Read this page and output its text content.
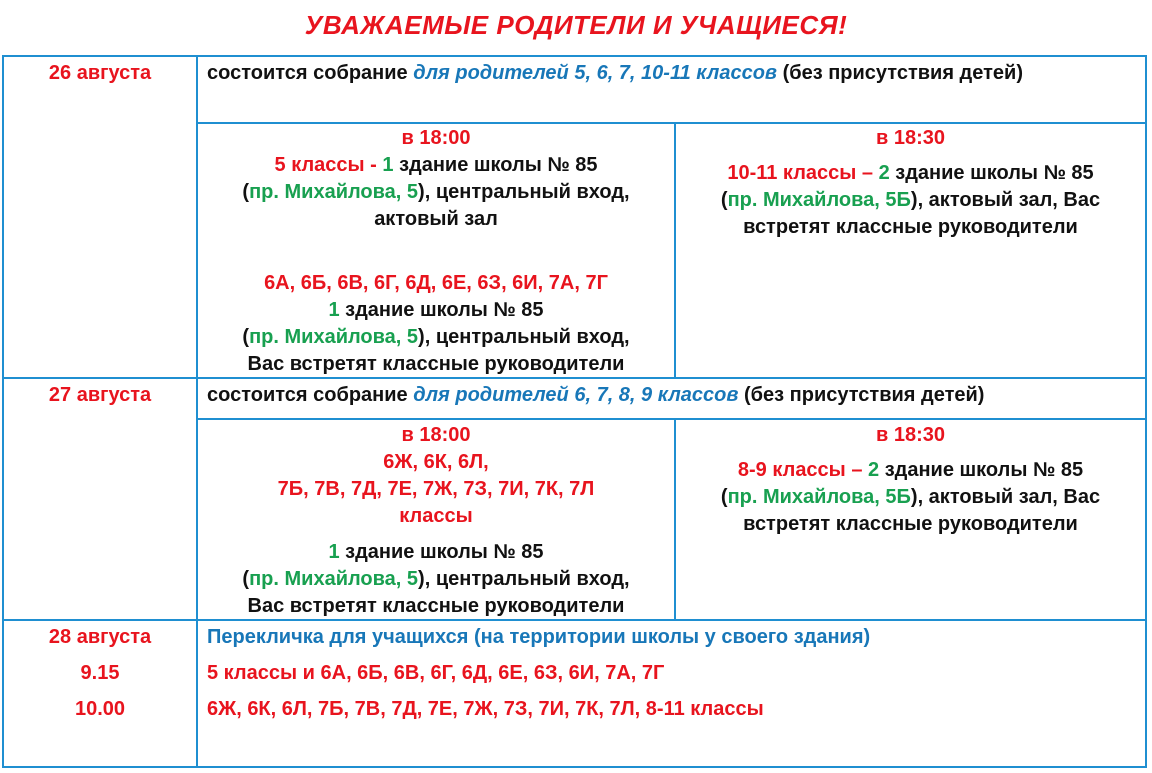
УВАЖАЕМЫЕ РОДИТЕЛИ И УЧАЩИЕСЯ!
26 августа	состоится собрание для родителей 5, 6, 7, 10-11 классов (без присутствия детей)

в 18:00

5 классы - 1 здание школы № 85

(пр. Михайлова, 5), центральный вход,

актовый зал

6А, 6Б, 6В, 6Г, 6Д, 6Е, 6З, 6И, 7А, 7Г

1 здание школы № 85

(пр. Михайлова, 5), центральный вход,

Вас встретят классные руководители

в 18:30

10-11 классы – 2 здание школы № 85

(пр. Михайлова, 5Б), актовый зал, Вас

встретят классные руководители

27 августа	состоится собрание для родителей 6, 7, 8, 9 классов (без присутствия детей)

в 18:00

6Ж, 6К, 6Л,

7Б, 7В, 7Д, 7Е, 7Ж, 7З, 7И, 7К, 7Л

классы

1 здание школы № 85

(пр. Михайлова, 5), центральный вход,

Вас встретят классные руководители

в 18:30

8-9 классы – 2 здание школы № 85

(пр. Михайлова, 5Б), актовый зал, Вас

встретят классные руководители

28 августа
9.15
10.00
Перекличка для учащихся (на территории школы у своего здания)
5 классы и 6А, 6Б, 6В, 6Г, 6Д, 6Е, 6З, 6И, 7А, 7Г
6Ж, 6К, 6Л, 7Б, 7В, 7Д, 7Е, 7Ж, 7З, 7И, 7К, 7Л, 8-11 классы
